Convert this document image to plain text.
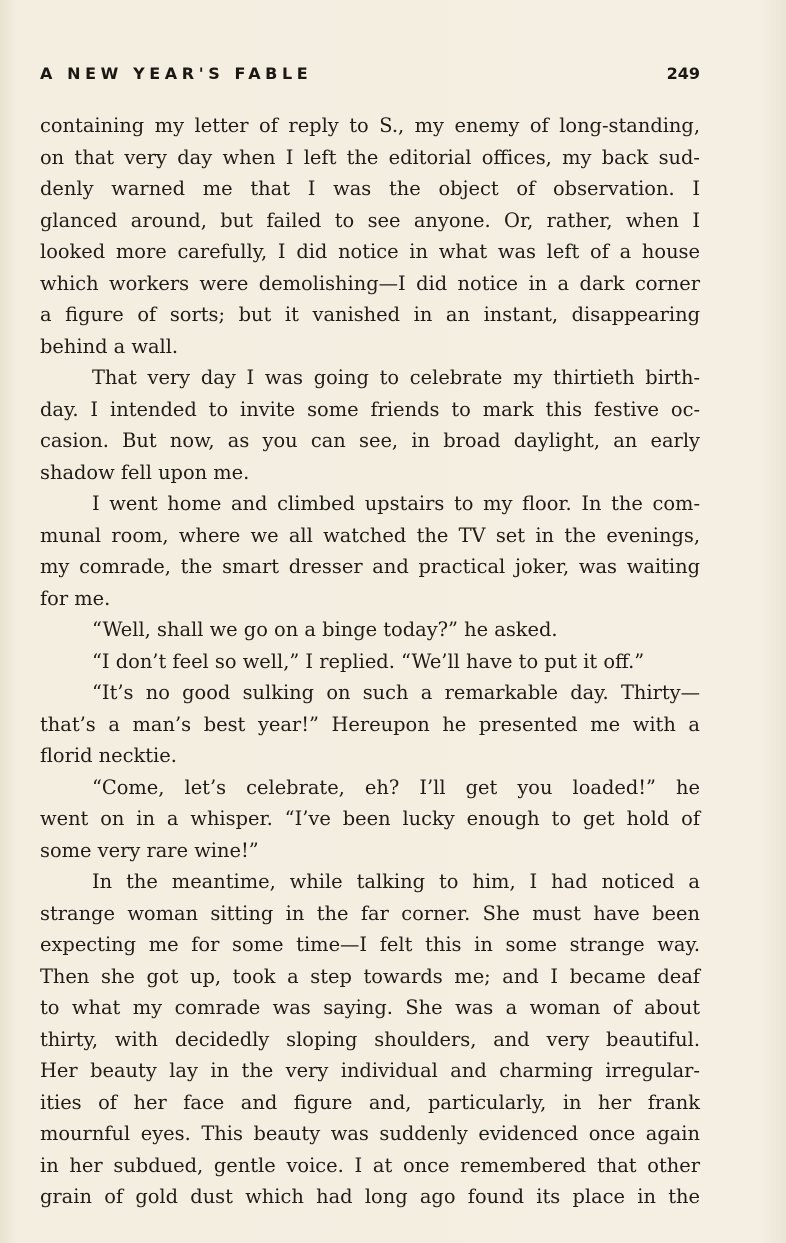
A NEW YEAR'S FABLE	249
containing my letter of reply to S., my enemy of long-standing,
on that very day when I left the editorial offices, my back sud-
denly warned me that I was the object of observation. I
glanced around, but failed to see anyone. Or, rather, when I
looked more carefully, I did notice in what was left of a house
which workers were demolishing—I did notice in a dark corner
a figure of sorts; but it vanished in an instant, disappearing
behind a wall.
That very day I was going to celebrate my thirtieth birth-
day. I intended to invite some friends to mark this festive oc-
casion. But now, as you can see, in broad daylight, an early
shadow fell upon me.
I went home and climbed upstairs to my floor. In the com-
munal room, where we all watched the TV set in the evenings,
my comrade, the smart dresser and practical joker, was waiting
for me.
“Well, shall we go on a binge today?” he asked.
“I don’t feel so well,” I replied. “We’ll have to put it off.”
“It’s no good sulking on such a remarkable day. Thirty—
that’s a man’s best year!” Hereupon he presented me with a
florid necktie.
“Come, let’s celebrate, eh? I’ll get you loaded!” he
went on in a whisper. “I’ve been lucky enough to get hold of
some very rare wine!”
In the meantime, while talking to him, I had noticed a
strange woman sitting in the far corner. She must have been
expecting me for some time—I felt this in some strange way.
Then she got up, took a step towards me; and I became deaf
to what my comrade was saying. She was a woman of about
thirty, with decidedly sloping shoulders, and very beautiful.
Her beauty lay in the very individual and charming irregular-
ities of her face and figure and, particularly, in her frank
mournful eyes. This beauty was suddenly evidenced once again
in her subdued, gentle voice. I at once remembered that other
grain of gold dust which had long ago found its place in the
